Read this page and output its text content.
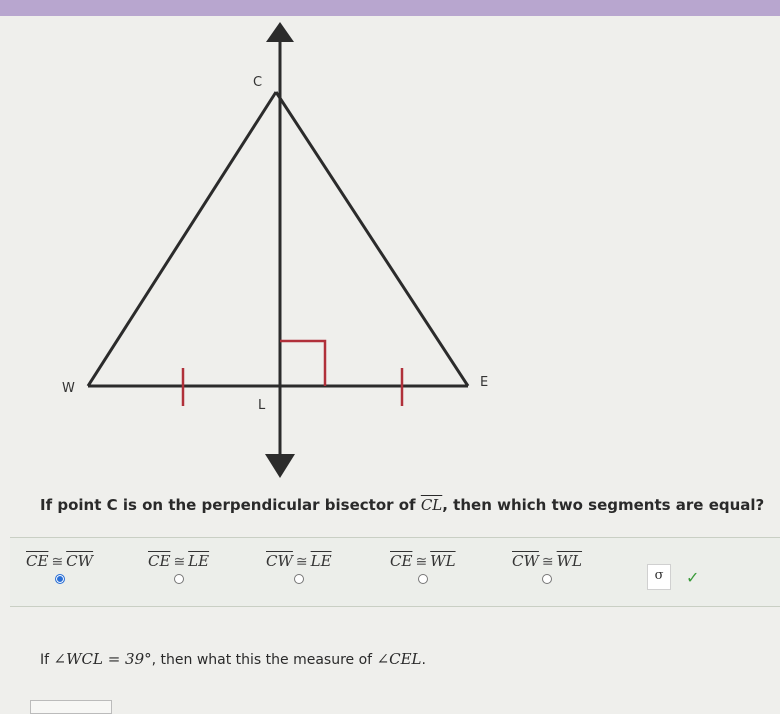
C
W
L
E
If point C is on the perpendicular bisector of $\overline{CL}$, then which two segments are equal?
$\overline{CE}$ ≅ $\overline{CW}$	$\overline{CE}$ ≅ $\overline{LE}$	$\overline{CW}$ ≅ $\overline{LE}$	$\overline{CE}$ ≅ $\overline{WL}$	$\overline{CW}$ ≅ $\overline{WL}$
σ	✓
If ∠WCL = 39°, then what this the measure of ∠CEL.
